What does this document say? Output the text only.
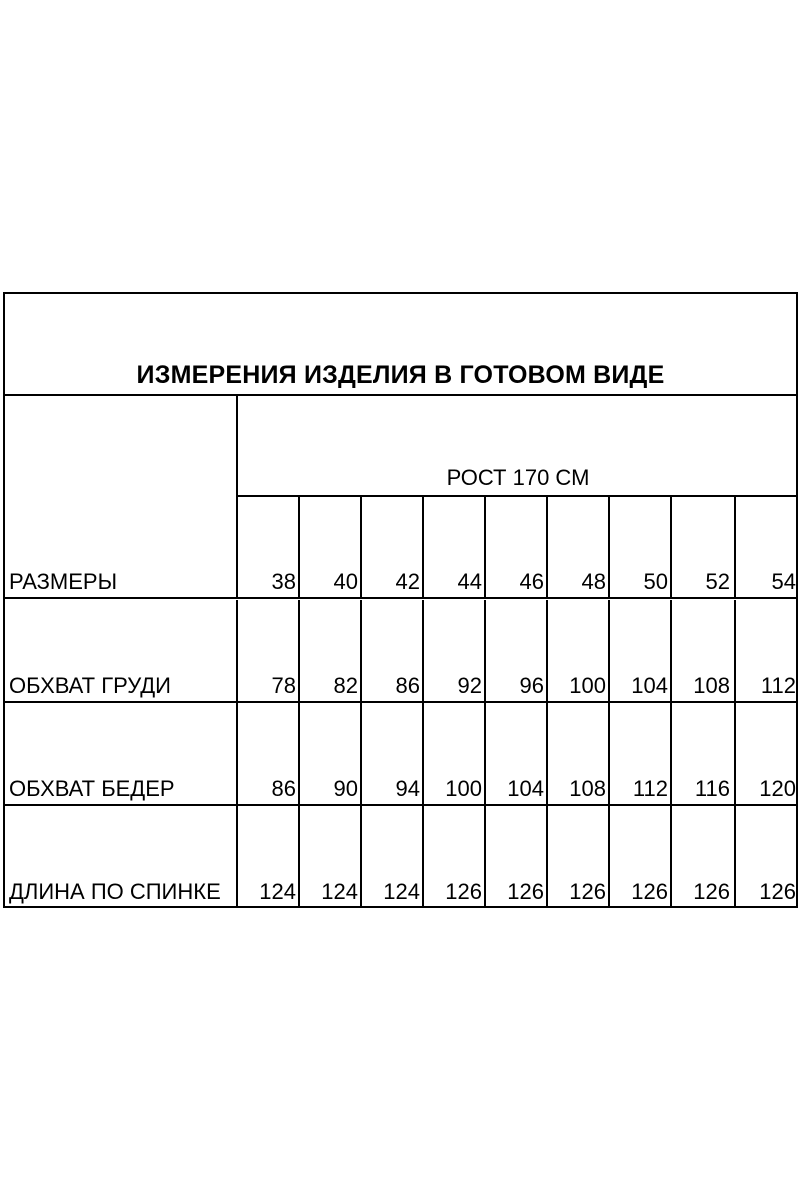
ИЗМЕРЕНИЯ ИЗДЕЛИЯ В ГОТОВОМ ВИДЕ
РОСТ 170 СМ
РАЗМЕРЫ	38	40	42	44	46	48	50	52	54
ОБХВАТ ГРУДИ	78	82	86	92	96	100	104	108	112
ОБХВАТ БЕДЕР	86	90	94	100	104	108	112	116	120
ДЛИНА ПО СПИНКЕ	124	124	124	126	126	126	126	126	126
